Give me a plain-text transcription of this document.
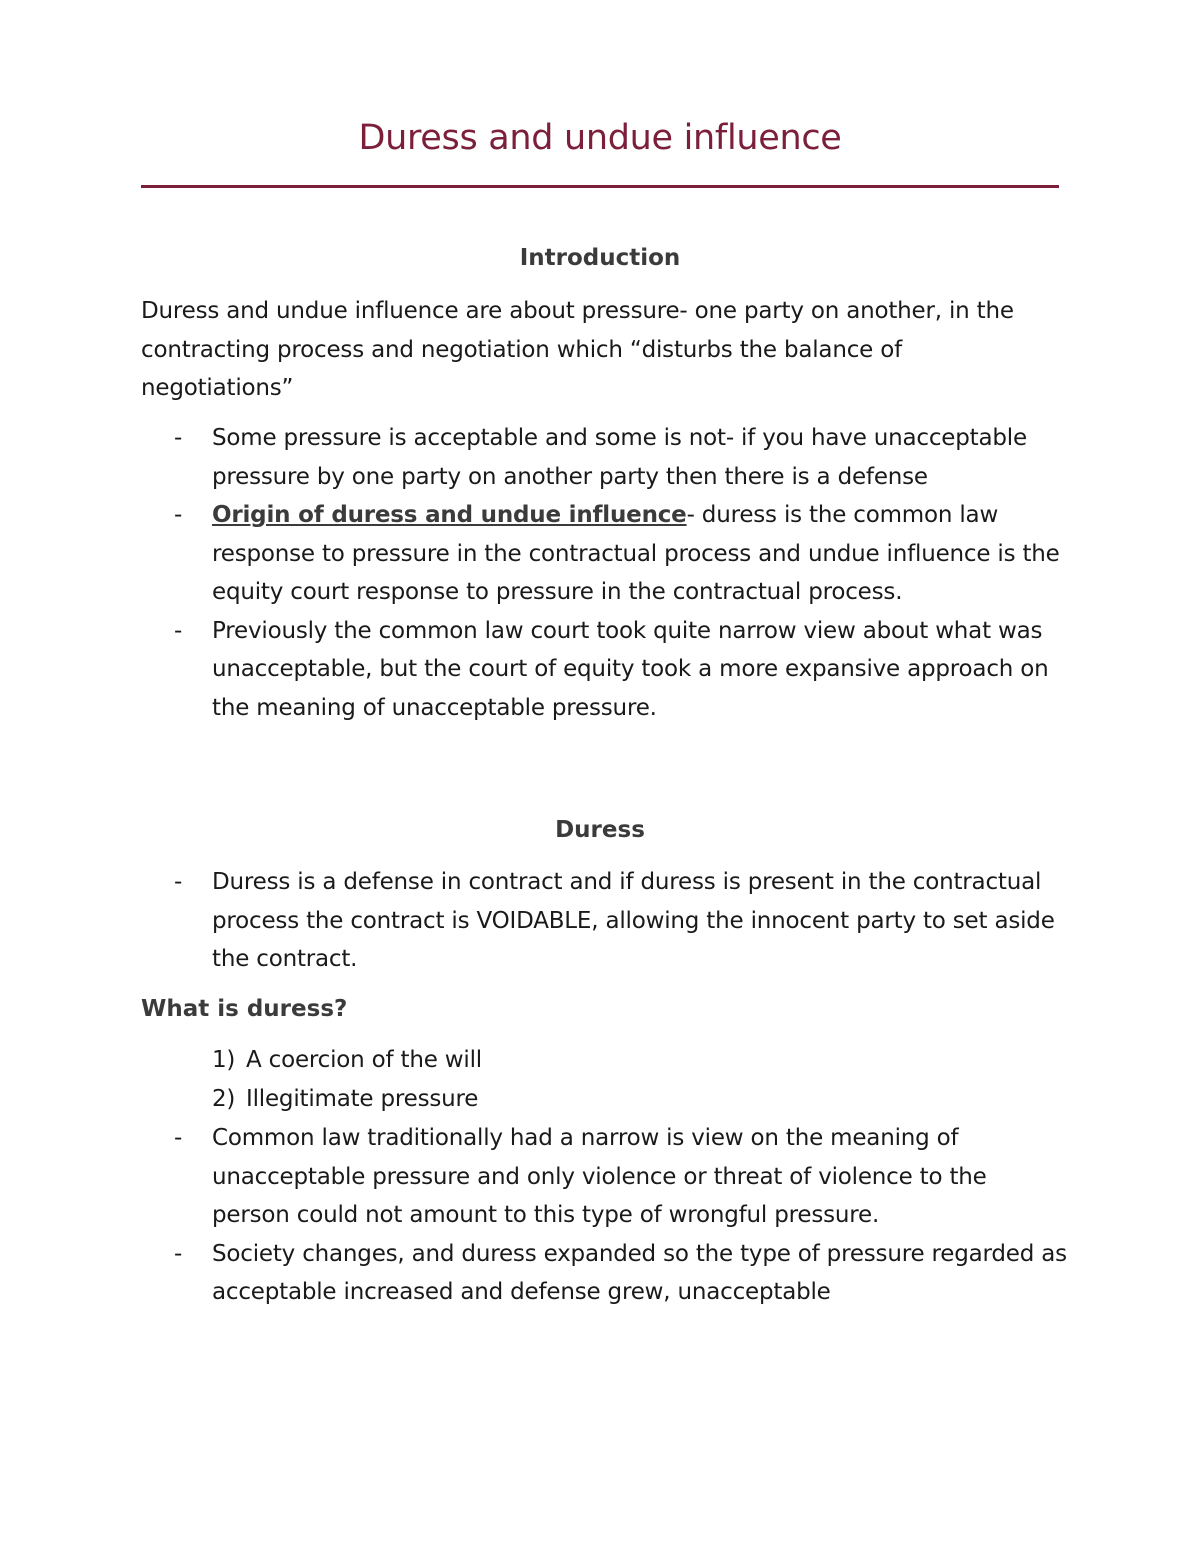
Duress and undue influence
Introduction
Duress and undue influence are about pressure- one party on another, in the contracting process and negotiation which “disturbs the balance of negotiations”
- Some pressure is acceptable and some is not- if you have unacceptable pressure by one party on another party then there is a defense
- Origin of duress and undue influence- duress is the common law response to pressure in the contractual process and undue influence is the equity court response to pressure in the contractual process.
- Previously the common law court took quite narrow view about what was unacceptable, but the court of equity took a more expansive approach on the meaning of unacceptable pressure.
Duress
- Duress is a defense in contract and if duress is present in the contractual process the contract is VOIDABLE, allowing the innocent party to set aside the contract.
What is duress?
1) A coercion of the will
2) Illegitimate pressure
- Common law traditionally had a narrow is view on the meaning of unacceptable pressure and only violence or threat of violence to the person could not amount to this type of wrongful pressure.
- Society changes, and duress expanded so the type of pressure regarded as acceptable increased and defense grew, unacceptable
